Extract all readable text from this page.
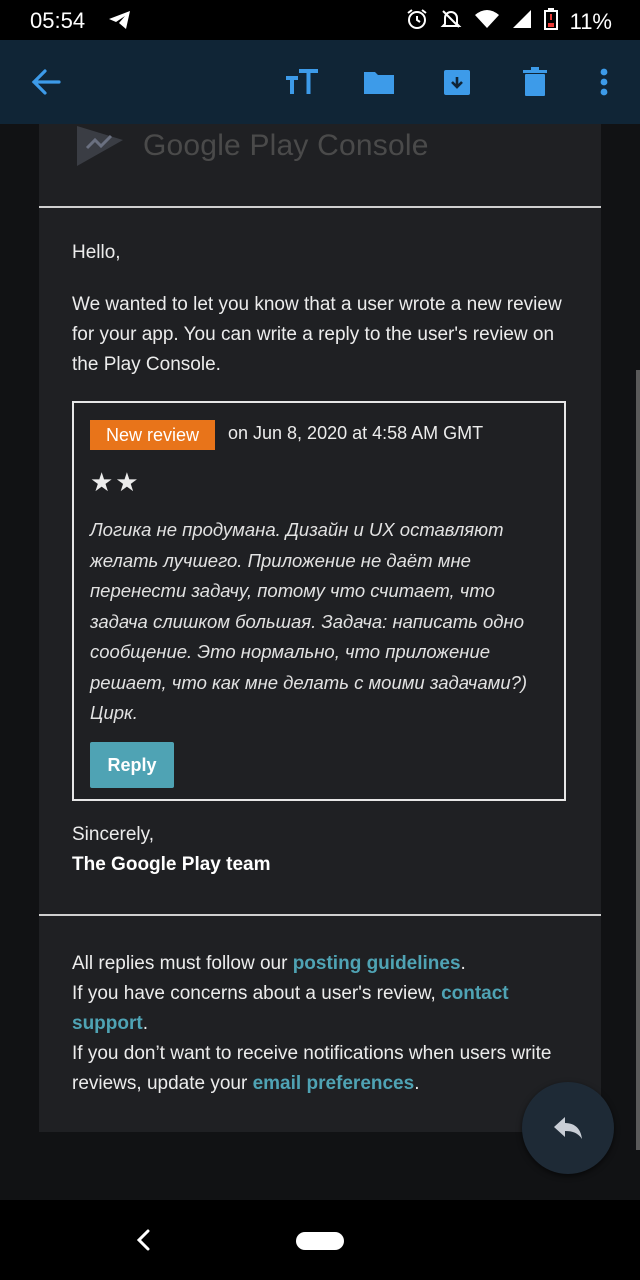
05:54	11%
Google Play Console
Hello,
We wanted to let you know that a user wrote a new review for your app. You can write a reply to the user's review on the Play Console.
New review	on Jun 8, 2020 at 4:58 AM GMT
★★
Логика не продумана. Дизайн и UX оставляют желать лучшего. Приложение не даёт мне перенести задачу, потому что считает, что задача слишком большая. Задача: написать одно сообщение. Это нормально, что приложение решает, что как мне делать с моими задачами?) Цирк.
Reply
Sincerely,
The Google Play team
All replies must follow our posting guidelines.
If you have concerns about a user's review, contact support.
If you don’t want to receive notifications when users write reviews, update your email preferences.
